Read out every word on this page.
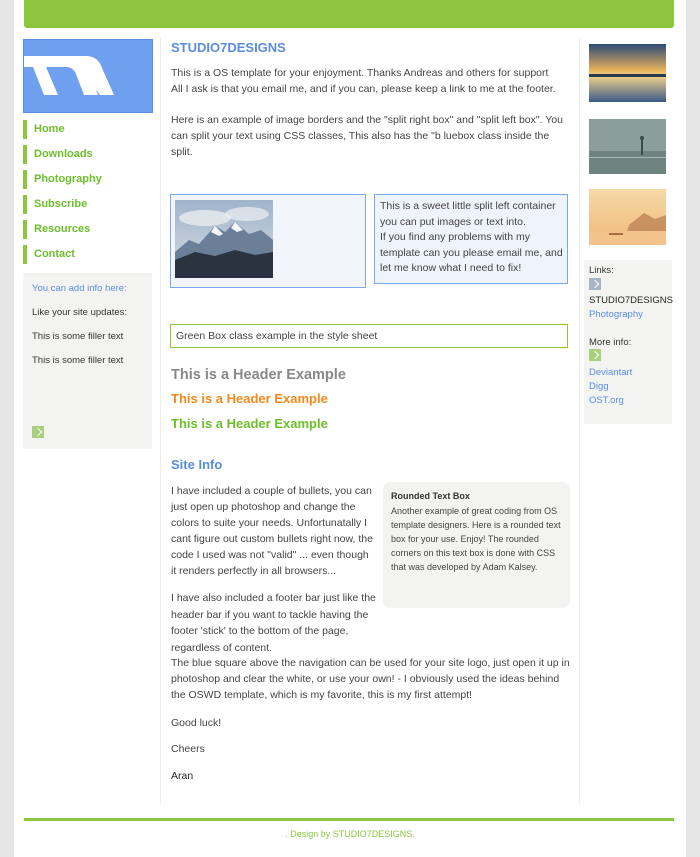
Home
Downloads
Photography
Subscribe
Resources
Contact
You can add info here:
Like your site updates:
This is some filler text
This is some filler text
STUDIO7DESIGNS

This is a OS template for your enjoyment. Thanks Andreas and others for support

All I ask is that you email me, and if you can, please keep a link to me at the footer.

Here is an example of image borders and the "split right box" and "split left box". You can split your text using CSS classes, This also has the "b luebox class inside the split.

This is a sweet little split left container you can put images or text into.
If you find any problems with my template can you please email me, and let me know what I need to fix!
Green Box class example in the style sheet
This is a Header Example
This is a Header Example
This is a Header Example
Site Info

I have included a couple of bullets, you can just open up photoshop and change the colors to suite your needs. Unfortunatally I cant figure out custom bullets right now, the code I used was not "valid" ... even though it renders perfectly in all browsers...

Rounded Text Box
Another example of great coding from OS template designers. Here is a rounded text box for your use. Enjoy! The rounded corners on this text box is done with CSS that was developed by Adam Kalsey.

I have also included a footer bar just like the header bar if you want to tackle having the footer 'stick' to the bottom of the page, regardless of content.

The blue square above the navigation can be used for your site logo, just open it up in photoshop and clear the white, or use your own! - I obviously used the ideas behind the OSWD template, which is my favorite, this is my first attempt!

Good luck!

Cheers

Aran

Links:
STUDIO7DESIGNS
Photography
More info:
Deviantart
Digg
OST.org
. Design by STUDIO7DESIGNS.
